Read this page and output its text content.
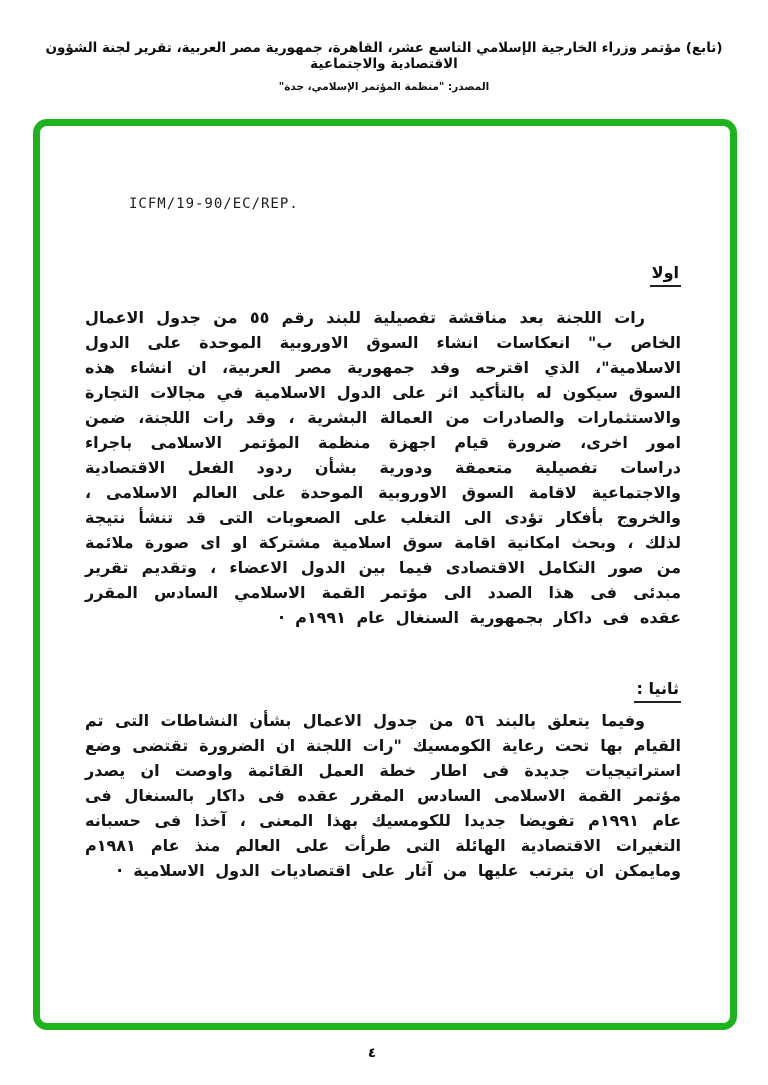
(تابع) مؤتمر وزراء الخارجية الإسلامي التاسع عشر، القاهرة، جمهورية مصر العربية، تقرير لجنة الشؤون الاقتصادية والاجتماعية
المصدر: "منظمة المؤتمر الإسلامي، جدة"
ICFM/19-90/EC/REP.
اولا

رات اللجنة بعد مناقشة تفصيلية للبند رقم ٥٥ من جدول الاعمال الخاص ب" انعكاسات انشاء السوق الاوروبية الموحدة على الدول الاسلامية"، الذي اقترحه وفد جمهورية مصر العربية، ان انشاء هذه السوق سيكون له بالتأكيد اثر على الدول الاسلامية في مجالات التجارة والاستثمارات والصادرات من العمالة البشرية ، وقد رات اللجنة، ضمن امور اخرى، ضرورة قيام اجهزة منظمة المؤتمر الاسلامى باجراء دراسات تفصيلية متعمقة ودورية بشأن ردود الفعل الاقتصادية والاجتماعية لاقامة السوق الاوروبية الموحدة على العالم الاسلامى ، والخروج بأفكار تؤدى الى التغلب على الصعوبات التى قد تنشأ نتيجة لذلك ، وبحث امكانية اقامة سوق اسلامية مشتركة او اى صورة ملائمة من صور التكامل الاقتصادى فيما بين الدول الاعضاء ، وتقديم تقرير مبدئى فى هذا الصدد الى مؤتمر القمة الاسلامي السادس المقرر عقده فى داكار بجمهورية السنغال عام ١٩٩١م ·

ثانيا :

وفيما يتعلق بالبند ٥٦ من جدول الاعمال بشأن النشاطات التى تم القيام بها تحت رعاية الكومسيك "رات اللجنة ان الضرورة تقتضى وضع استراتيجيات جديدة فى اطار خطة العمل القائمة واوصت ان يصدر مؤتمر القمة الاسلامى السادس المقرر عقده فى داكار بالسنغال فى عام ١٩٩١م تفويضا جديدا للكومسيك بهذا المعنى ، آخذا فى حسبانه التغيرات الاقتصادية الهائلة التى طرأت على العالم منذ عام ١٩٨١م ومايمكن ان يترتب عليها من آثار على اقتصاديات الدول الاسلامية ·

٤
